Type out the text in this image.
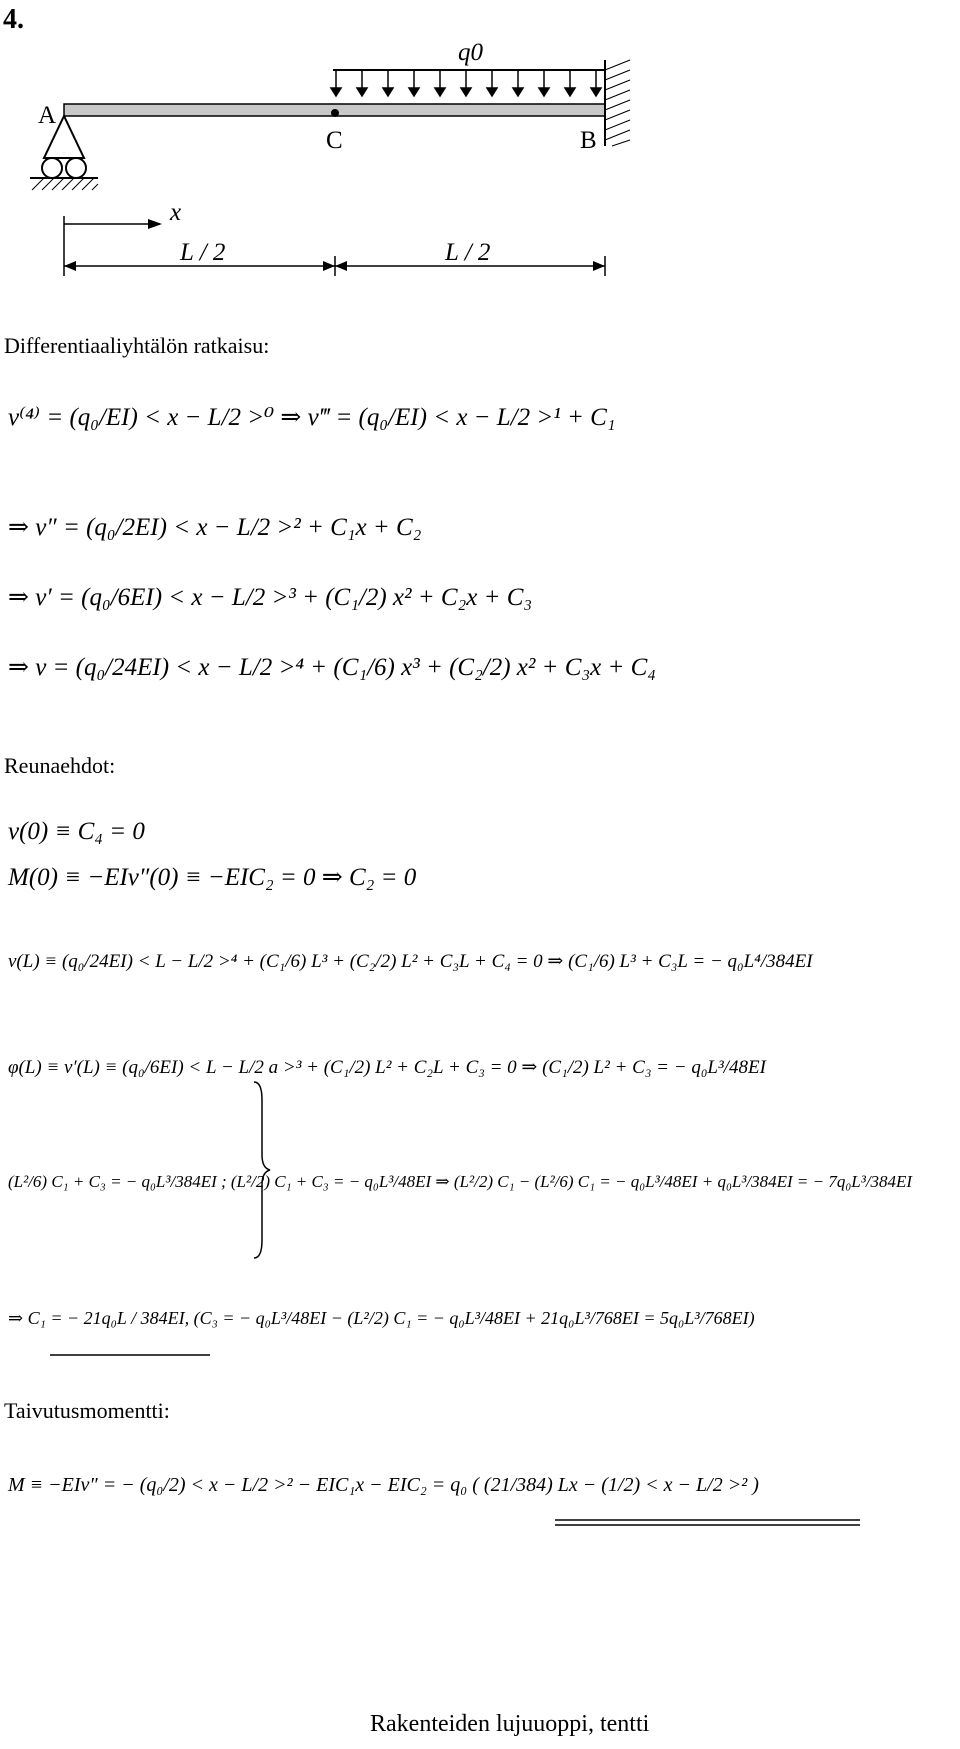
4.
q0
A
C	B
x
L / 2	L / 2
Differentiaaliyhtälön ratkaisu:
v⁽⁴⁾ = (q₀/EI) < x − L/2 >⁰ ⇒ v‴ = (q₀/EI) < x − L/2 >¹ + C₁
⇒ v″ = (q₀/2EI) < x − L/2 >² + C₁x + C₂
⇒ v′ = (q₀/6EI) < x − L/2 >³ + (C₁/2) x² + C₂x + C₃
⇒ v = (q₀/24EI) < x − L/2 >⁴ + (C₁/6) x³ + (C₂/2) x² + C₃x + C₄
Reunaehdot:
v(0) ≡ C₄ = 0
M(0) ≡ −EIv″(0) ≡ −EIC₂ = 0 ⇒ C₂ = 0
v(L) ≡ (q₀/24EI) < L − L/2 >⁴ + (C₁/6) L³ + (C₂/2) L² + C₃L + C₄ = 0 ⇒ (C₁/6) L³ + C₃L = − q₀L⁴/384EI
φ(L) ≡ v′(L) ≡ (q₀/6EI) < L − L/2 a >³ + (C₁/2) L² + C₂L + C₃ = 0 ⇒ (C₁/2) L² + C₃ = − q₀L³/48EI
(L²/6) C₁ + C₃ = − q₀L³/384EI ; (L²/2) C₁ + C₃ = − q₀L³/48EI ⇒ (L²/2) C₁ − (L²/6) C₁ = − q₀L³/48EI + q₀L³/384EI = − 7q₀L³/384EI
⇒ C₁ = − 21q₀L / 384EI, (C₃ = − q₀L³/48EI − (L²/2) C₁ = − q₀L³/48EI + 21q₀L³/768EI = 5q₀L³/768EI)
Taivutusmomentti:
M ≡ −EIv″ = − (q₀/2) < x − L/2 >² − EIC₁x − EIC₂ = q₀ ( (21/384) Lx − (1/2) < x − L/2 >² )
Rakenteiden lujuuoppi, tentti
